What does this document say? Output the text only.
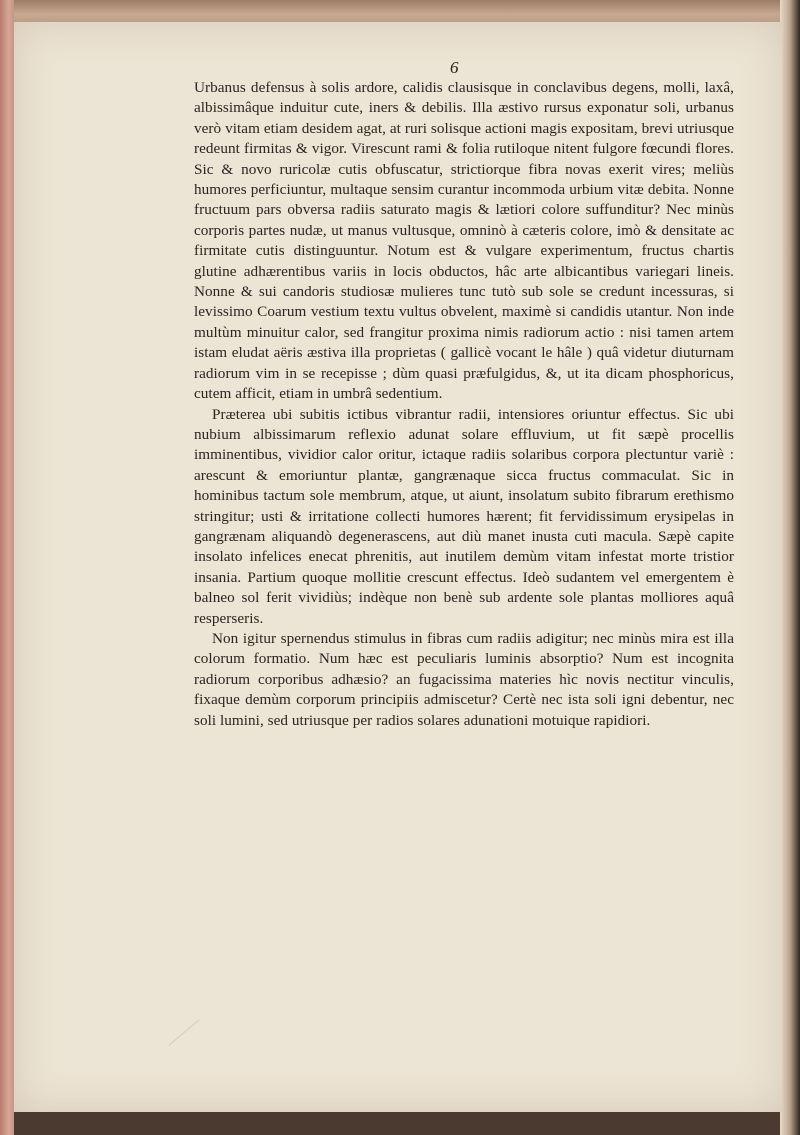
6

Urbanus defensus à solis ardore, calidis clausisque in conclavibus degens, molli, laxâ, albissimâque induitur cute, iners & debilis. Illa æstivo rursus exponatur soli, urbanus verò vitam etiam desidem agat, at ruri solisque actioni magis expositam, brevi utriusque redeunt firmitas & vigor. Virescunt rami & folia rutiloque nitent fulgore fœcundi flores. Sic & novo ruricolæ cutis obfuscatur, strictiorque fibra novas exerit vires; meliùs humores perficiuntur, multaque sensim curantur incommoda urbium vitæ debita. Nonne fructuum pars obversa radiis saturato magis & lætiori colore suffunditur? Nec minùs corporis partes nudæ, ut manus vultusque, omninò à cæteris colore, imò & densitate ac firmitate cutis distinguuntur. Notum est & vulgare experimentum, fructus chartis glutine adhærentibus variis in locis obductos, hâc arte albicantibus variegari lineis. Nonne & sui candoris studiosæ mulieres tunc tutò sub sole se credunt incessuras, si levissimo Coarum vestium textu vultus obvelent, maximè si candidis utantur. Non inde multùm minuitur calor, sed frangitur proxima nimis radiorum actio : nisi tamen artem istam eludat aëris æstiva illa proprietas ( gallicè vocant le hâle ) quâ videtur diuturnam radiorum vim in se recepisse ; dùm quasi præfulgidus, &, ut ita dicam phosphoricus, cutem afficit, etiam in umbrâ sedentium.

Præterea ubi subitis ictibus vibrantur radii, intensiores oriuntur effectus. Sic ubi nubium albissimarum reflexio adunat solare effluvium, ut fit sæpè procellis imminentibus, vividior calor oritur, ictaque radiis solaribus corpora plectuntur variè : arescunt & emoriuntur plantæ, gangrænaque sicca fructus commaculat. Sic in hominibus tactum sole membrum, atque, ut aiunt, insolatum subito fibrarum erethismo stringitur; usti & irritatione collecti humores hærent; fit fervidissimum erysipelas in gangrænam aliquandò degenerascens, aut diù manet inusta cuti macula. Sæpè capite insolato infelices enecat phrenitis, aut inutilem demùm vitam infestat morte tristior insania. Partium quoque mollitie crescunt effectus. Ideò sudantem vel emergentem è balneo sol ferit vividiùs; indèque non benè sub ardente sole plantas molliores aquâ resperseris.

Non igitur spernendus stimulus in fibras cum radiis adigitur; nec minùs mira est illa colorum formatio. Num hæc est peculiaris luminis absorptio? Num est incognita radiorum corporibus adhæsio? an fugacissima materies hìc novis nectitur vinculis, fixaque demùm corporum principiis admiscetur? Certè nec ista soli igni debentur, nec soli lumini, sed utriusque per radios solares adunationi motuique rapidiori.
